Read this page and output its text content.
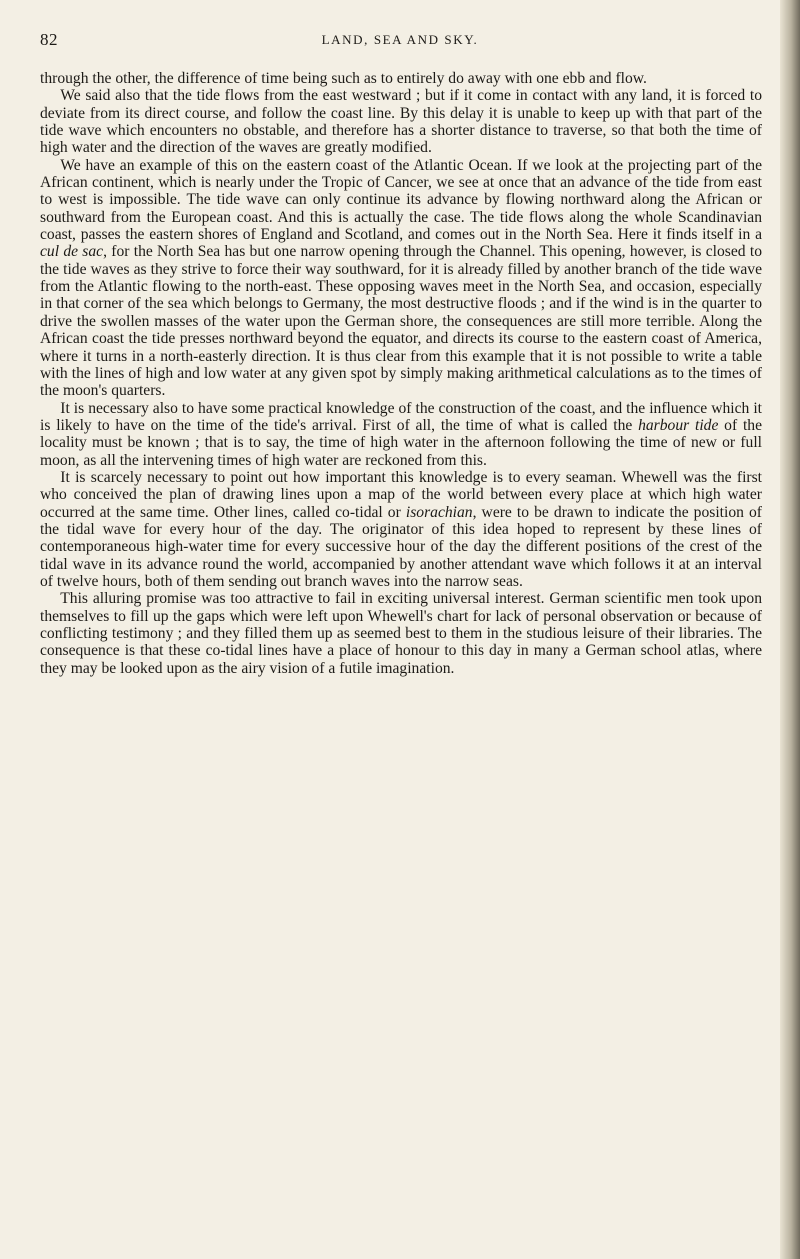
82	LAND, SEA AND SKY.

through the other, the difference of time being such as to entirely do away with one ebb and flow.

We said also that the tide flows from the east westward ; but if it come in contact with any land, it is forced to deviate from its direct course, and follow the coast line. By this delay it is unable to keep up with that part of the tide wave which encounters no obstable, and therefore has a shorter distance to traverse, so that both the time of high water and the direction of the waves are greatly modified.

We have an example of this on the eastern coast of the Atlantic Ocean. If we look at the projecting part of the African continent, which is nearly under the Tropic of Cancer, we see at once that an advance of the tide from east to west is impossible. The tide wave can only continue its advance by flowing northward along the African or southward from the European coast. And this is actually the case. The tide flows along the whole Scandinavian coast, passes the eastern shores of England and Scotland, and comes out in the North Sea. Here it finds itself in a cul de sac, for the North Sea has but one narrow opening through the Channel. This opening, however, is closed to the tide waves as they strive to force their way southward, for it is already filled by another branch of the tide wave from the Atlantic flowing to the north-east. These opposing waves meet in the North Sea, and occasion, especially in that corner of the sea which belongs to Germany, the most destructive floods ; and if the wind is in the quarter to drive the swollen masses of the water upon the German shore, the consequences are still more terrible. Along the African coast the tide presses northward beyond the equator, and directs its course to the eastern coast of America, where it turns in a north-easterly direction. It is thus clear from this example that it is not possible to write a table with the lines of high and low water at any given spot by simply making arithmetical calculations as to the times of the moon's quarters.

It is necessary also to have some practical knowledge of the construction of the coast, and the influence which it is likely to have on the time of the tide's arrival. First of all, the time of what is called the harbour tide of the locality must be known ; that is to say, the time of high water in the afternoon following the time of new or full moon, as all the intervening times of high water are reckoned from this.

It is scarcely necessary to point out how important this knowledge is to every seaman. Whewell was the first who conceived the plan of drawing lines upon a map of the world between every place at which high water occurred at the same time. Other lines, called co-tidal or isorachian, were to be drawn to indicate the position of the tidal wave for every hour of the day. The originator of this idea hoped to represent by these lines of contemporaneous high-water time for every successive hour of the day the different positions of the crest of the tidal wave in its advance round the world, accompanied by another attendant wave which follows it at an interval of twelve hours, both of them sending out branch waves into the narrow seas.

This alluring promise was too attractive to fail in exciting universal interest. German scientific men took upon themselves to fill up the gaps which were left upon Whewell's chart for lack of personal observation or because of conflicting testimony ; and they filled them up as seemed best to them in the studious leisure of their libraries. The consequence is that these co-tidal lines have a place of honour to this day in many a German school atlas, where they may be looked upon as the airy vision of a futile imagination.
